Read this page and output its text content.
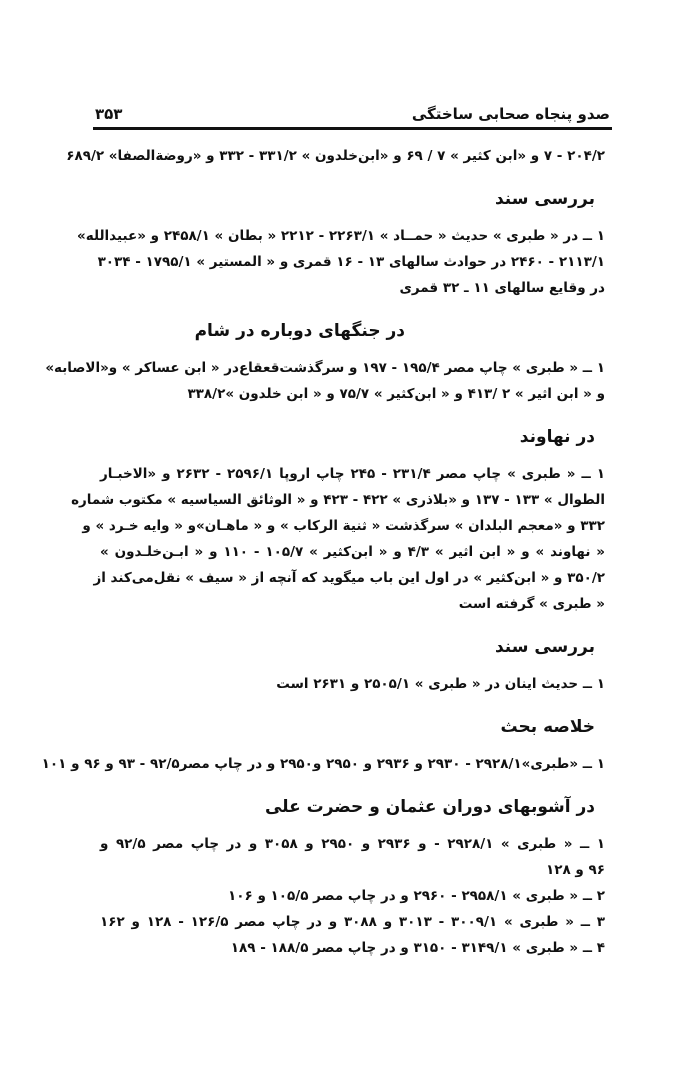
صدو پنجاه صحابی ساختگی
۳۵۳
۲۰۴/۲ - ۷ و «ابن کثیر » ۷ / ۶۹ و «ابن‌خلدون » ۳۳۱/۲ - ۳۳۲ و «روضة‌الصفا» ۶۸۹/۲
بررسی سند
۱ ــ در « طبری » حدیث « حمــاد » ۲۲۶۳/۱ - ۲۲۱۲ « بطان » ۲۴۵۸/۱ و «عبیدالله»
۲۱۱۳/۱ - ۲۴۶۰ در حوادث سالهای ۱۳ - ۱۶ قمری و « المستیر » ۱۷۹۵/۱ - ۳۰۳۴
در وقایع سالهای ۱۱ ـ ۳۲ قمری
در جنگهای دوباره در شام
۱ ــ « طبری » چاپ مصر ۱۹۵/۴ - ۱۹۷ و سرگذشت‌قعقاع‌در « ابن عساکر » و«الاصابه»
و « ابن اثیر » ۲ /۴۱۳ و « ابن‌کثیر » ۷۵/۷ و « ابن خلدون »۳۳۸/۲
در نهاوند
۱ ــ « طبری » چاپ مصر ۲۳۱/۴ - ۲۴۵ چاپ اروپا ۲۵۹۶/۱ - ۲۶۳۲ و «الاخبـار
الطوال » ۱۳۳ - ۱۳۷ و «بلاذری » ۴۲۲ - ۴۲۳ و « الوثائق السیاسیه » مکتوب شماره
۳۳۲ و «معجم البلدان » سرگذشت « ثنیة الرکاب » و « ماهـان»و « وایه خـرد » و
« نهاوند » و « ابن اثیر » ۴/۳ و « ابن‌کثیر » ۱۰۵/۷ - ۱۱۰ و « ابـن‌خلـدون »
۳۵۰/۲ و « ابن‌کثیر » در اول این باب میگوید که آنچه از « سیف » نقل‌می‌کند از
« طبری » گرفته است
بررسی سند
۱ ــ حدیث اینان در « طبری » ۲۵۰۵/۱ و ۲۶۳۱ است
خلاصه بحث
۱ ــ «طبری»۲۹۲۸/۱ - ۲۹۳۰ و ۲۹۳۶ و ۲۹۵۰ و۲۹۵۰ و در چاپ مصر۹۲/۵ - ۹۳ و ۹۶ و ۱۰۱
در آشوبهای دوران عثمان و حضرت علی
۱ ــ « طبری » ۲۹۲۸/۱ - و ۲۹۳۶ و ۲۹۵۰ و ۳۰۵۸ و در چاپ مصر ۹۲/۵ و
۹۶ و ۱۲۸
۲ ــ « طبری » ۲۹۵۸/۱ - ۲۹۶۰ و در چاپ مصر ۱۰۵/۵ و ۱۰۶
۳ ــ « طبری » ۳۰۰۹/۱ - ۳۰۱۳ و ۳۰۸۸ و در چاپ مصر ۱۲۶/۵ - ۱۲۸ و ۱۶۲
۴ ــ « طبری » ۳۱۴۹/۱ - ۳۱۵۰ و در چاپ مصر ۱۸۸/۵ - ۱۸۹
